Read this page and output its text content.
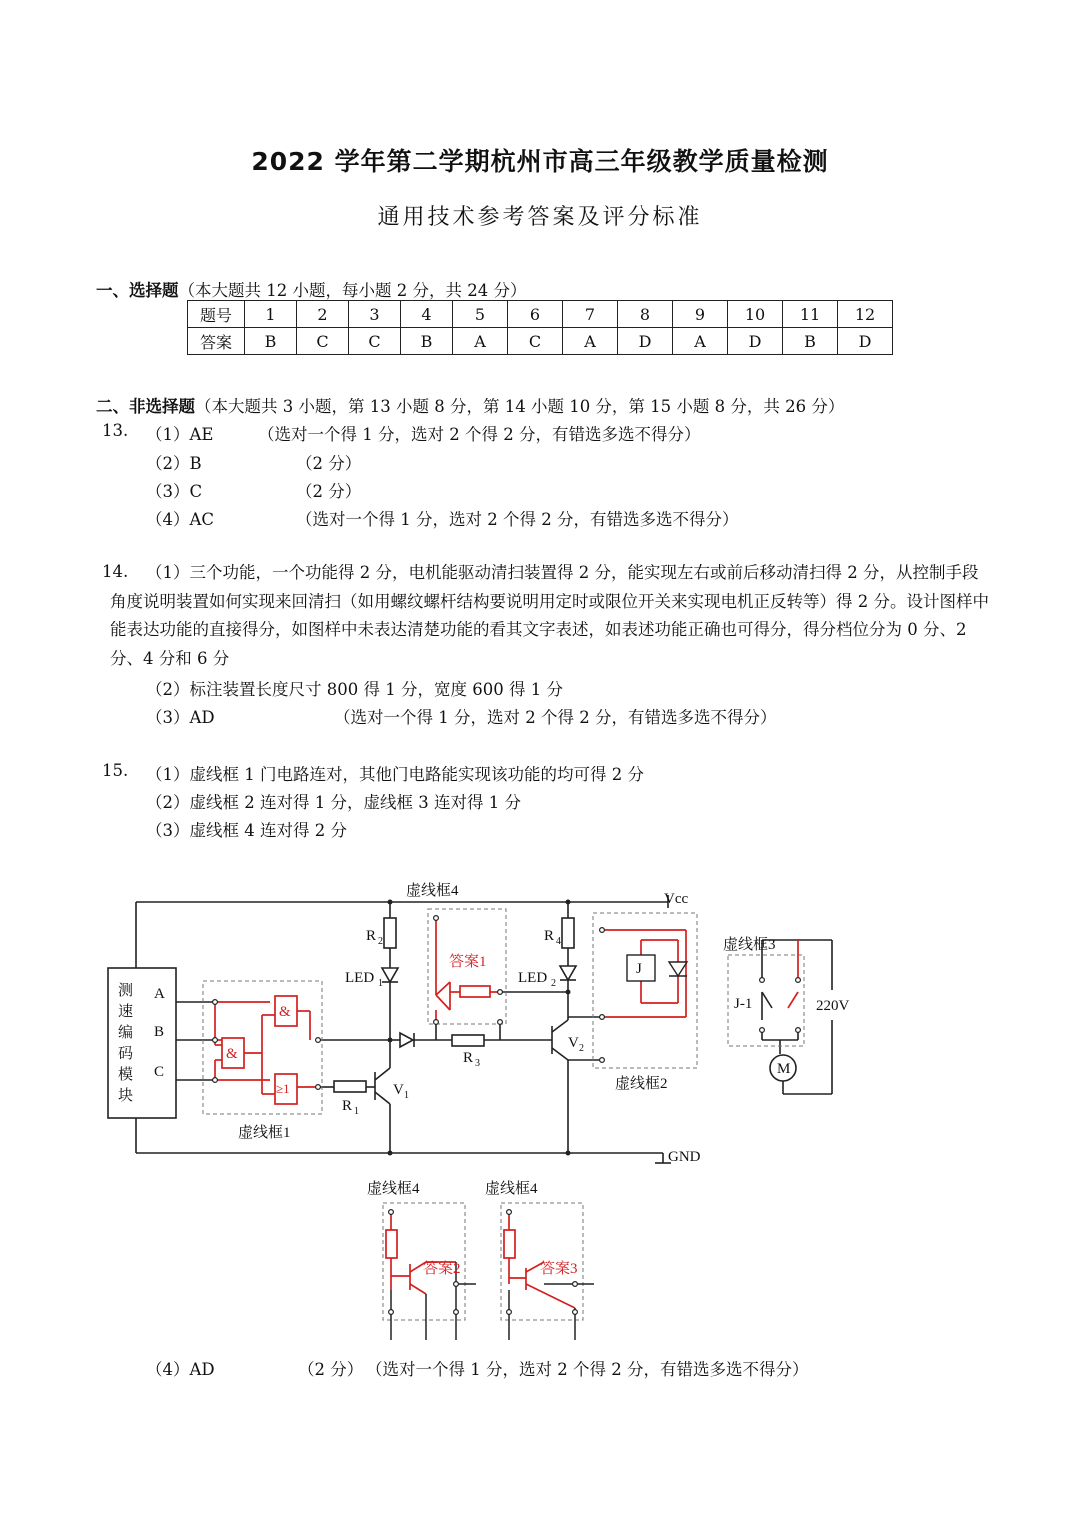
2022 学年第二学期杭州市高三年级教学质量检测
通用技术参考答案及评分标准
一、选择题（本大题共 12 小题，每小题 2 分，共 24 分）
题号	1	2	3	4	5	6	7	8	9	10	11	12
答案	B	C	C	B	A	C	A	D	A	D	B	D
二、非选择题（本大题共 3 小题，第 13 小题 8 分，第 14 小题 10 分，第 15 小题 8 分，共 26 分）
13. （1）AE	（选对一个得 1 分，选对 2 个得 2 分，有错选多选不得分）
（2）B	（2 分）
（3）C	（2 分）
（4）AC	（选对一个得 1 分，选对 2 个得 2 分，有错选多选不得分）
14.	（1）三个功能，一个功能得 2 分，电机能驱动清扫装置得 2 分，能实现左右或前后移动清扫得 2 分，从控制手段角度说明装置如何实现来回清扫（如用螺纹螺杆结构要说明用定时或限位开关来实现电机正反转等）得 2 分。设计图样中能表达功能的直接得分，如图样中未表达清楚功能的看其文字表述，如表述功能正确也可得分，得分档位分为 0 分、2 分、4 分和 6 分
（2）标注装置长度尺寸 800 得 1 分，宽度 600 得 1 分
（3）AD	（选对一个得 1 分，选对 2 个得 2 分，有错选多选不得分）
15. （1）虚线框 1 门电路连对，其他门电路能实现该功能的均可得 2 分
（2）虚线框 2 连对得 1 分，虚线框 3 连对得 1 分
（3）虚线框 4 连对得 2 分
虚线框4	Vcc
R 2	R 4
LED 1	LED 2
答案1	J
虚线框3
J-1	220V
M
测
速
编
码
模
块
A
B
C
&
&
≥1
R 3
R 1
V 1
V 2
虚线框1
虚线框2
GND
虚线框4	虚线框4
答案2	答案3
（4）AD	（2 分） （选对一个得 1 分，选对 2 个得 2 分，有错选多选不得分）
